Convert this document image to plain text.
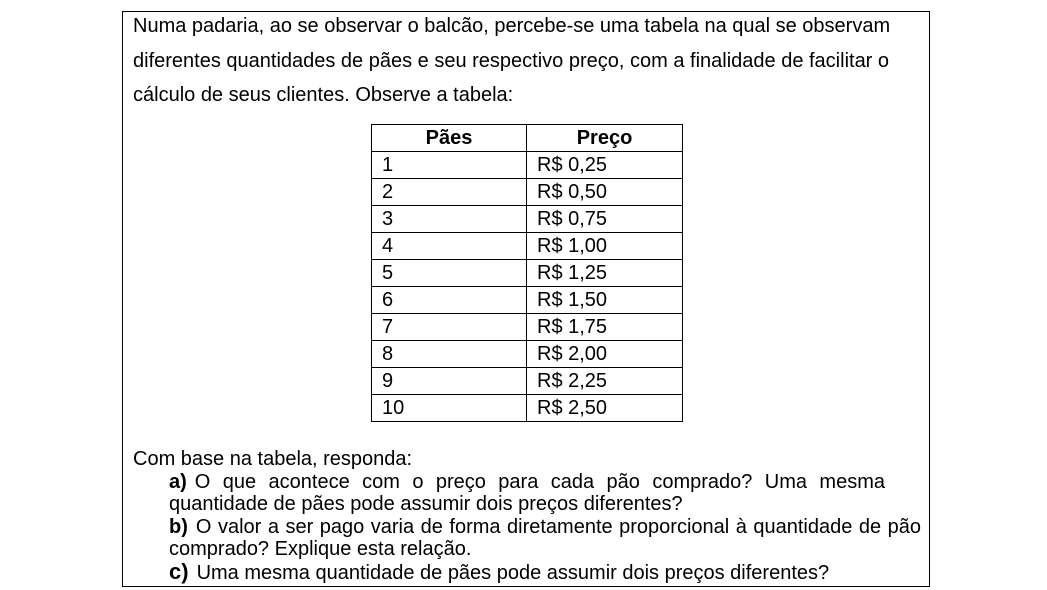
Numa padaria, ao se observar o balcão, percebe-se uma tabela na qual se observam
diferentes quantidades de pães e seu respectivo preço, com a finalidade de facilitar o
cálculo de seus clientes. Observe a tabela:

Pães	Preço
1	R$ 0,25
2	R$ 0,50
3	R$ 0,75
4	R$ 1,00
5	R$ 1,25
6	R$ 1,50
7	R$ 1,75
8	R$ 2,00
9	R$ 2,25
10	R$ 2,50

Com base na tabela, responda:

a) O que acontece com o preço para cada pão comprado? Uma mesma quantidade de pães pode assumir dois preços diferentes?
b) O valor a ser pago varia de forma diretamente proporcional à quantidade de pão comprado? Explique esta relação.
c) Uma mesma quantidade de pães pode assumir dois preços diferentes?
